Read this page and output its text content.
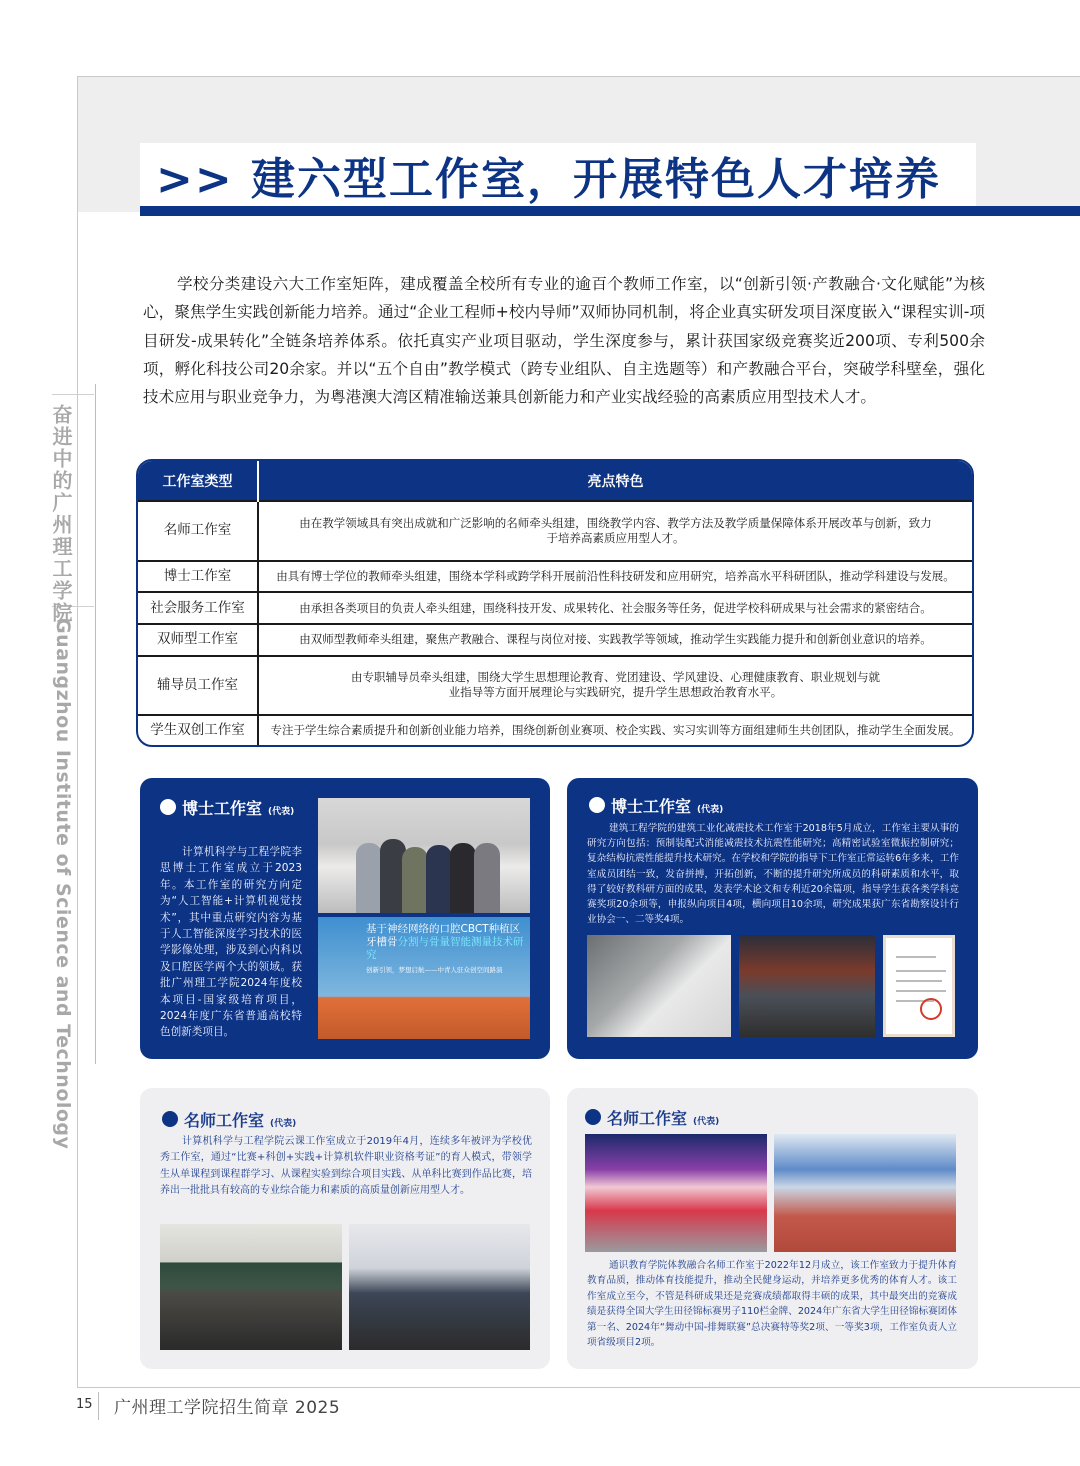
>> 建六型工作室，开展特色人才培养
奋进中的广州理工学院
Guangzhou Institute of Science and Technology

学校分类建设六大工作室矩阵，建成覆盖全校所有专业的逾百个教师工作室，以“创新引领·产教融合·文化赋能”为核心，聚焦学生实践创新能力培养。通过“企业工程师+校内导师”双师协同机制，将企业真实研发项目深度嵌入“课程实训-项目研发-成果转化”全链条培养体系。依托真实产业项目驱动，学生深度参与，累计获国家级竞赛奖近200项、专利500余项，孵化科技公司20余家。并以“五个自由”教学模式（跨专业组队、自主选题等）和产教融合平台，突破学科壁垒，强化技术应用与职业竞争力，为粤港澳大湾区精准输送兼具创新能力和产业实战经验的高素质应用型技术人才。

工作室类型	亮点特色
名师工作室	由在教学领域具有突出成就和广泛影响的名师牵头组建，围绕教学内容、教学方法及教学质量保障体系开展改革与创新，致力于培养高素质应用型人才。
博士工作室	由具有博士学位的教师牵头组建，围绕本学科或跨学科开展前沿性科技研发和应用研究，培养高水平科研团队，推动学科建设与发展。
社会服务工作室	由承担各类项目的负责人牵头组建，围绕科技开发、成果转化、社会服务等任务，促进学校科研成果与社会需求的紧密结合。
双师型工作室	由双师型教师牵头组建，聚焦产教融合、课程与岗位对接、实践教学等领域，推动学生实践能力提升和创新创业意识的培养。
辅导员工作室	由专职辅导员牵头组建，围绕大学生思想理论教育、党团建设、学风建设、心理健康教育、职业规划与就业指导等方面开展理论与实践研究，提升学生思想政治教育水平。
学生双创工作室	专注于学生综合素质提升和创新创业能力培养，围绕创新创业赛项、校企实践、实习实训等方面组建师生共创团队，推动学生全面发展。
博士工作室 (代表)

计算机科学与工程学院李思博士工作室成立于2023年。本工作室的研究方向定为“人工智能+计算机视觉技术”，其中重点研究内容为基于人工智能深度学习技术的医学影像处理，涉及到心内科以及口腔医学两个大的领域。获批广州理工学院2024年度校本项目-国家级培育项目，2024年度广东省普通高校特色创新类项目。

基于神经网络的口腔CBCT种植区
牙槽骨分割与骨量智能测量技术研究
创新引领，梦想启航——中青人驻众创空间路演
博士工作室 (代表)

建筑工程学院的建筑工业化减震技术工作室于2018年5月成立，工作室主要从事的研究方向包括：预制装配式消能减震技术抗震性能研究；高精密试验室微振控制研究；复杂结构抗震性能提升技术研究。在学校和学院的指导下工作室正常运转6年多来，工作室成员团结一致，发奋拼搏，开拓创新，不断的提升研究所成员的科研素质和水平，取得了较好教科研方面的成果，发表学术论文和专利近20余篇项，指导学生获各类学科竞赛奖项20余项等，申报纵向项目4项，横向项目10余项，研究成果获广东省勘察设计行业协会一、二等奖4项。

名师工作室 (代表)

计算机科学与工程学院云课工作室成立于2019年4月，连续多年被评为学校优秀工作室，通过“比赛+科创+实践+计算机软件职业资格考证”的育人模式，带领学生从单课程到课程群学习、从课程实验到综合项目实践、从单科比赛到作品比赛，培养出一批批具有较高的专业综合能力和素质的高质量创新应用型人才。

名师工作室 (代表)

通识教育学院体教融合名师工作室于2022年12月成立，该工作室致力于提升体育教育品质，推动体育技能提升，推动全民健身运动，并培养更多优秀的体育人才。该工作室成立至今，不管是科研成果还是竞赛成绩都取得丰硕的成果，其中最突出的竞赛成绩是获得全国大学生田径锦标赛男子110栏金牌、2024年广东省大学生田径锦标赛团体第一名、2024年“舞动中国-排舞联赛”总决赛特等奖2项、一等奖3项，工作室负责人立项省级项目2项。

15 广州理工学院招生简章 2025
